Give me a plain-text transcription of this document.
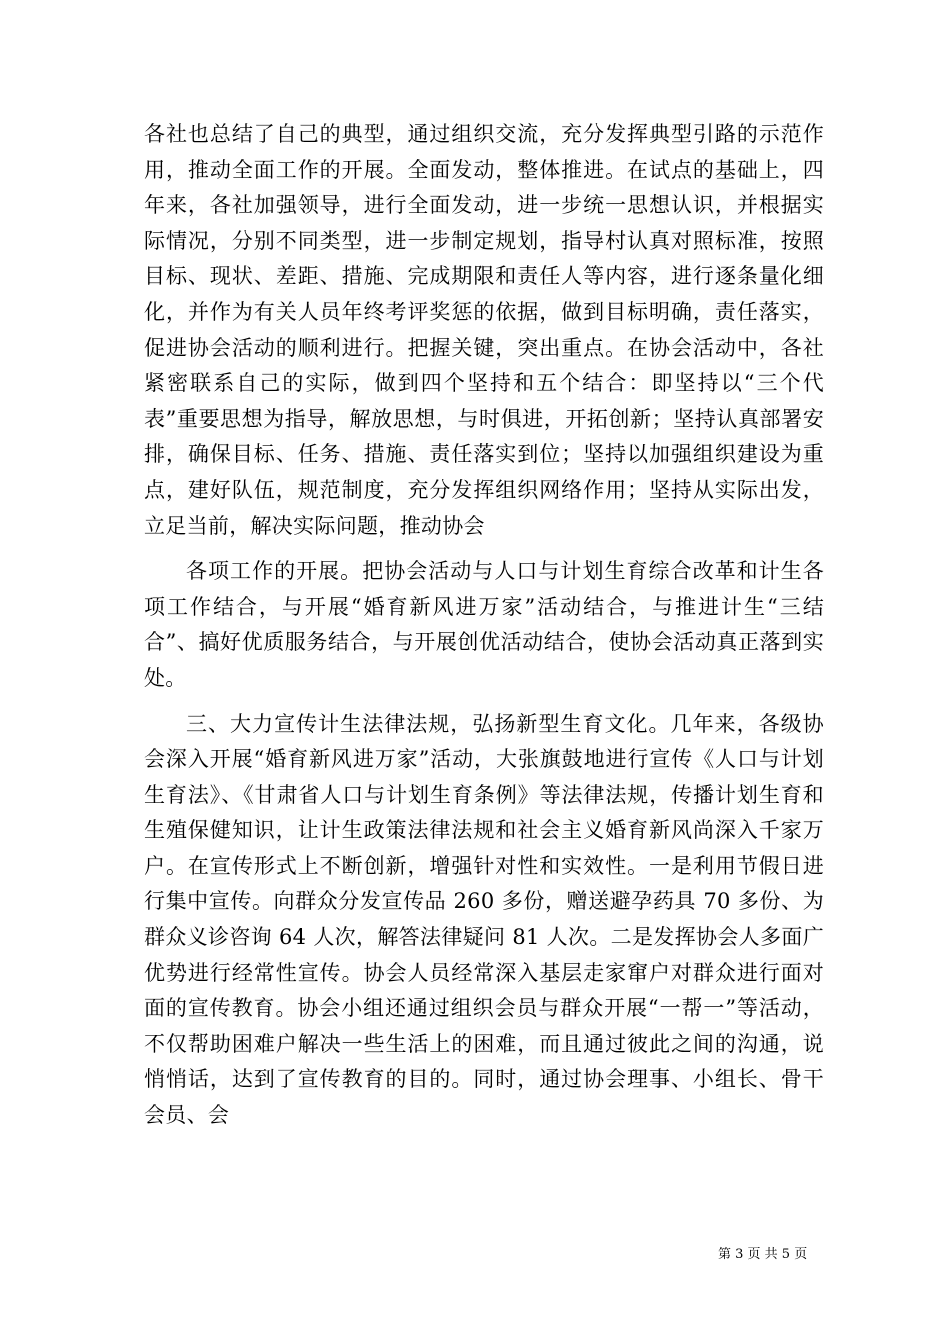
各社也总结了自己的典型，通过组织交流，充分发挥典型引路的示范作用，推动全面工作的开展。全面发动，整体推进。在试点的基础上，四年来，各社加强领导，进行全面发动，进一步统一思想认识，并根据实际情况，分别不同类型，进一步制定规划，指导村认真对照标准，按照目标、现状、差距、措施、完成期限和责任人等内容，进行逐条量化细化，并作为有关人员年终考评奖惩的依据，做到目标明确，责任落实，促进协会活动的顺利进行。把握关键，突出重点。在协会活动中，各社紧密联系自己的实际，做到四个坚持和五个结合：即坚持以“三个代表”重要思想为指导，解放思想，与时俱进，开拓创新；坚持认真部署安排，确保目标、任务、措施、责任落实到位；坚持以加强组织建设为重点，建好队伍，规范制度，充分发挥组织网络作用；坚持从实际出发，立足当前，解决实际问题，推动协会

各项工作的开展。把协会活动与人口与计划生育综合改革和计生各项工作结合，与开展“婚育新风进万家”活动结合，与推进计生“三结合”、搞好优质服务结合，与开展创优活动结合，使协会活动真正落到实处。

三、大力宣传计生法律法规，弘扬新型生育文化。几年来，各级协会深入开展“婚育新风进万家”活动，大张旗鼓地进行宣传《人口与计划生育法》、《甘肃省人口与计划生育条例》等法律法规，传播计划生育和生殖保健知识，让计生政策法律法规和社会主义婚育新风尚深入千家万户。在宣传形式上不断创新，增强针对性和实效性。一是利用节假日进行集中宣传。向群众分发宣传品 260 多份，赠送避孕药具 70 多份、为群众义诊咨询 64 人次，解答法律疑问 81 人次。二是发挥协会人多面广优势进行经常性宣传。协会人员经常深入基层走家窜户对群众进行面对面的宣传教育。协会小组还通过组织会员与群众开展“一帮一”等活动，不仅帮助困难户解决一些生活上的困难，而且通过彼此之间的沟通，说悄悄话，达到了宣传教育的目的。同时，通过协会理事、小组长、骨干会员、会

第 3 页 共 5 页
